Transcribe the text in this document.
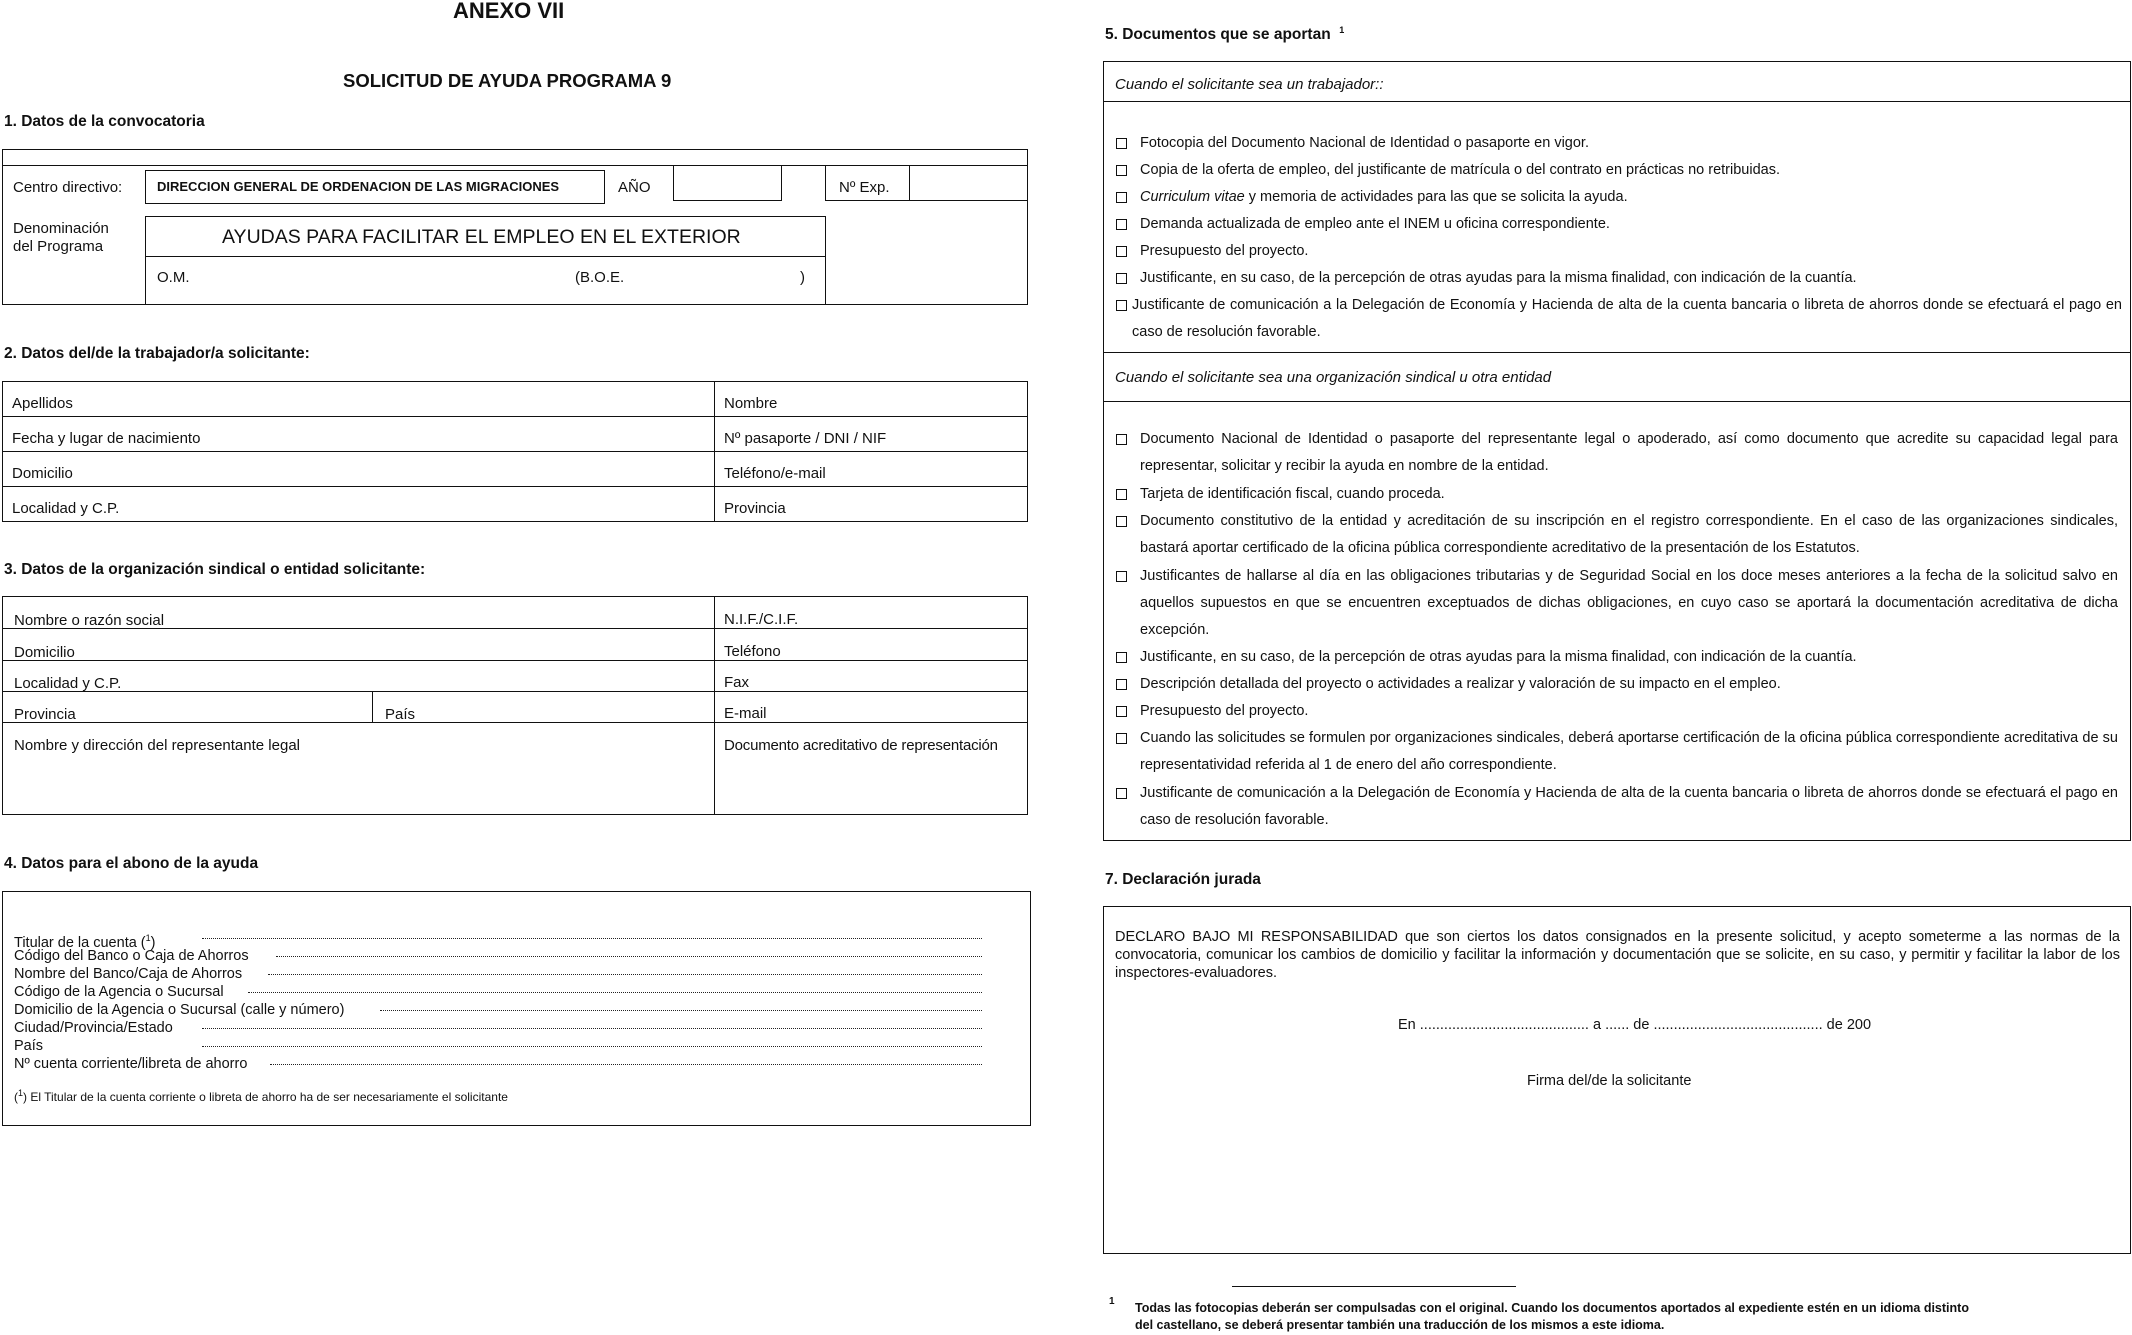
ANEXO VII
SOLICITUD DE AYUDA PROGRAMA 9
1. Datos de la convocatoria
Centro directivo:	DIRECCION GENERAL DE ORDENACION DE LAS MIGRACIONES	AÑO	Nº Exp.
Denominación
del Programa	AYUDAS PARA FACILITAR EL EMPLEO EN EL EXTERIOR
O.M.	(B.O.E.	)
2. Datos del/de la trabajador/a solicitante:
Apellidos	Nombre
Fecha y lugar de nacimiento	Nº pasaporte / DNI / NIF
Domicilio	Teléfono/e-mail
Localidad y C.P.	Provincia
3. Datos de la organización sindical o entidad solicitante:
Nombre o razón social	N.I.F./C.I.F.
Domicilio	Teléfono
Localidad y C.P.	Fax
Provincia	País	E-mail
Nombre y dirección del representante legal	Documento acreditativo de representación
4. Datos para el abono de la ayuda
Titular de la cuenta ($^1$)
Código del Banco o Caja de Ahorros
Nombre del Banco/Caja de Ahorros
Código de la Agencia o Sucursal
Domicilio de la Agencia o Sucursal (calle y número)
Ciudad/Provincia/Estado
País
Nº cuenta corriente/libreta de ahorro
($^1$) El Titular de la cuenta corriente o libreta de ahorro ha de ser necesariamente el solicitante
5. Documentos que se aportan $^1$
Cuando el solicitante sea un trabajador::
Cuando el solicitante sea una organización sindical u otra entidad
Fotocopia del Documento Nacional de Identidad o pasaporte en vigor.
Copia de la oferta de empleo, del justificante de matrícula o del contrato en prácticas no retribuidas.
Curriculum vitae y memoria de actividades para las que se solicita la ayuda.
Demanda actualizada de empleo ante el INEM u oficina correspondiente.
Presupuesto del proyecto.
Justificante, en su caso, de la percepción de otras ayudas para la misma finalidad, con indicación de la cuantía.
Justificante de comunicación a la Delegación de Economía y Hacienda de alta de la cuenta bancaria o libreta de ahorros donde se efectuará el pago en caso de resolución favorable.
Documento Nacional de Identidad o pasaporte del representante legal o apoderado, así como documento que acredite su capacidad legal para representar, solicitar y recibir la ayuda en nombre de la entidad.
Tarjeta de identificación fiscal, cuando proceda.
Documento constitutivo de la entidad y acreditación de su inscripción en el registro correspondiente. En el caso de las organizaciones sindicales, bastará aportar certificado de la oficina pública correspondiente acreditativo de la presentación de los Estatutos.
Justificantes de hallarse al día en las obligaciones tributarias y de Seguridad Social en los doce meses anteriores a la fecha de la solicitud salvo en aquellos supuestos en que se encuentren exceptuados de dichas obligaciones, en cuyo caso se aportará la documentación acreditativa de dicha excepción.
Justificante, en su caso, de la percepción de otras ayudas para la misma finalidad, con indicación de la cuantía.
Descripción detallada del proyecto o actividades a realizar y valoración de su impacto en el empleo.
Presupuesto del proyecto.
Cuando las solicitudes se formulen por organizaciones sindicales, deberá aportarse certificación de la oficina pública correspondiente acreditativa de su representatividad referida al 1 de enero del año correspondiente.
Justificante de comunicación a la Delegación de Economía y Hacienda de alta de la cuenta bancaria o libreta de ahorros donde se efectuará el pago en caso de resolución favorable.
7. Declaración jurada
DECLARO BAJO MI RESPONSABILIDAD que son ciertos los datos consignados en la presente solicitud, y acepto someterme a las normas de la convocatoria, comunicar los cambios de domicilio y facilitar la información y documentación que se solicite, en su caso, y permitir y facilitar la labor de los inspectores-evaluadores.
En .......................................... a ...... de .......................................... de 200
Firma del/de la solicitante
1 Todas las fotocopias deberán ser compulsadas con el original. Cuando los documentos aportados al expediente estén en un idioma distinto
del castellano, se deberá presentar también una traducción de los mismos a este idioma.
